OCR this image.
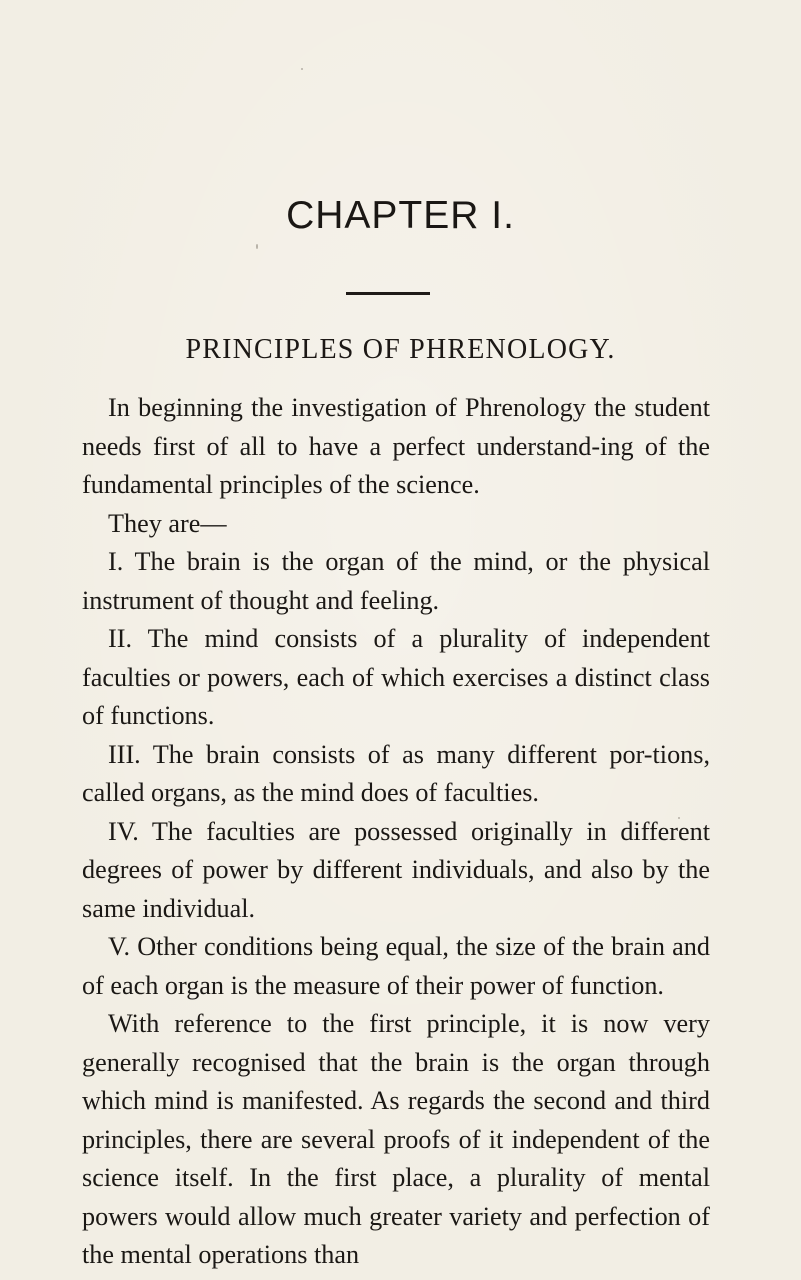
CHAPTER I.
PRINCIPLES OF PHRENOLOGY.

In beginning the investigation of Phrenology the student needs first of all to have a perfect understand-ing of the fundamental principles of the science.

They are—

I. The brain is the organ of the mind, or the physical instrument of thought and feeling.

II. The mind consists of a plurality of independent faculties or powers, each of which exercises a distinct class of functions.

III. The brain consists of as many different por-tions, called organs, as the mind does of faculties.

IV. The faculties are possessed originally in different degrees of power by different individuals, and also by the same individual.

V. Other conditions being equal, the size of the brain and of each organ is the measure of their power of function.

With reference to the first principle, it is now very generally recognised that the brain is the organ through which mind is manifested. As regards the second and third principles, there are several proofs of it independent of the science itself. In the first place, a plurality of mental powers would allow much greater variety and perfection of the mental operations than
